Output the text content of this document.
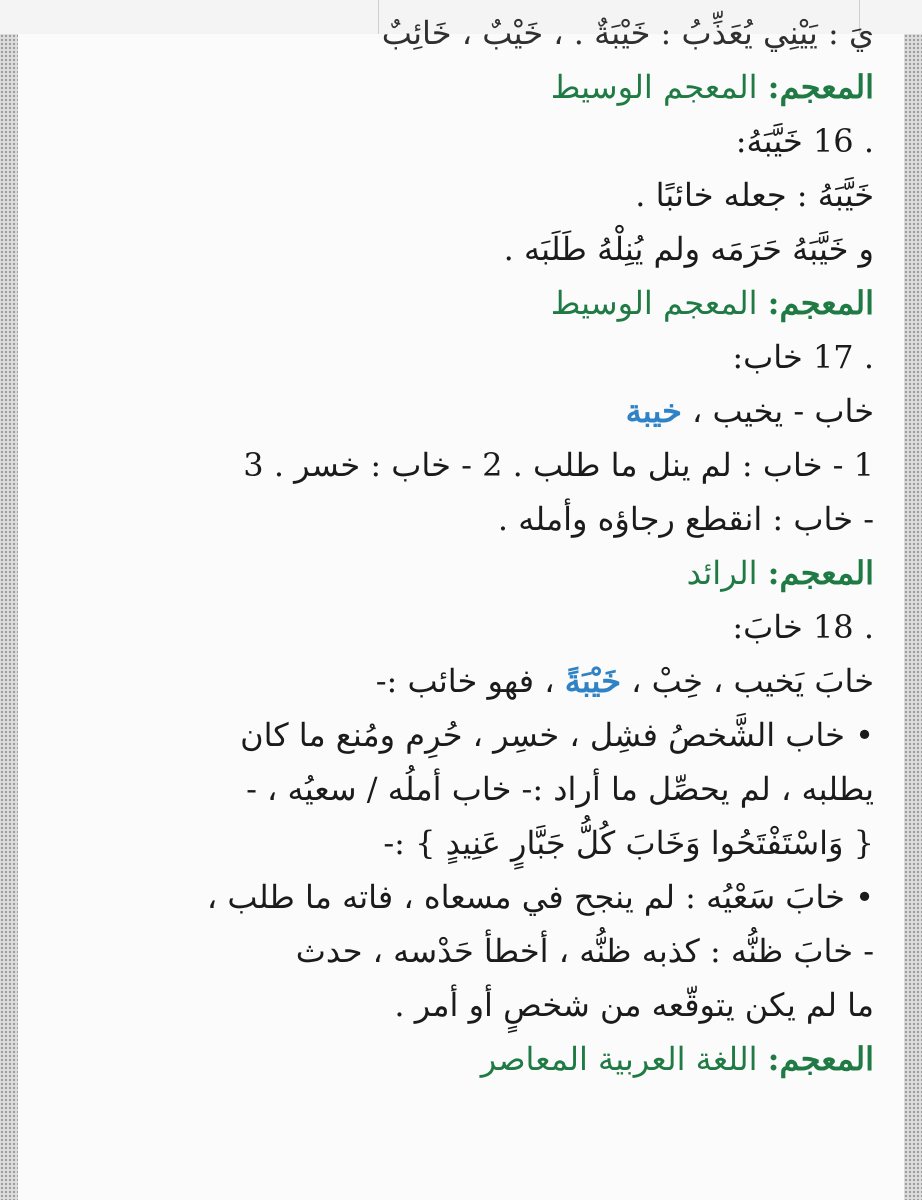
يَ : يَيْنِي يُعَذِّبُ : خَيْبَةٌ . ، خَيْبٌ ، خَائِبٌ
المعجم: المعجم الوسيط
16 . خَيَّبَهُ:
خَيَّبَهُ : جعله خائبًا .
و خَيَّبَهُ حَرَمَه ولم يُنِلْهُ طَلَبَه .
المعجم: المعجم الوسيط
17 . خاب:
خاب - يخيب ، خيبة
1 - خاب : لم ينل ما طلب . 2 - خاب : خسر . 3
- خاب : انقطع رجاؤه وأمله .
المعجم: الرائد
18 . خابَ:
خابَ يَخيب ، خِبْ ، خَيْبَةً ، فهو خائب :-
• خاب الشَّخصُ فشِل ، خسِر ، حُرِم ومُنع ما كان
يطلبه ، لم يحصِّل ما أراد :- خاب أملُه / سعيُه ، -
{ وَاسْتَفْتَحُوا وَخَابَ كُلُّ جَبَّارٍ عَنِيدٍ } :-
• خابَ سَعْيُه : لم ينجح في مسعاه ، فاته ما طلب ،
- خابَ ظنُّه : كذبه ظنُّه ، أخطأ حَدْسه ، حدث
ما لم يكن يتوقّعه من شخصٍ أو أمر .
المعجم: اللغة العربية المعاصر
